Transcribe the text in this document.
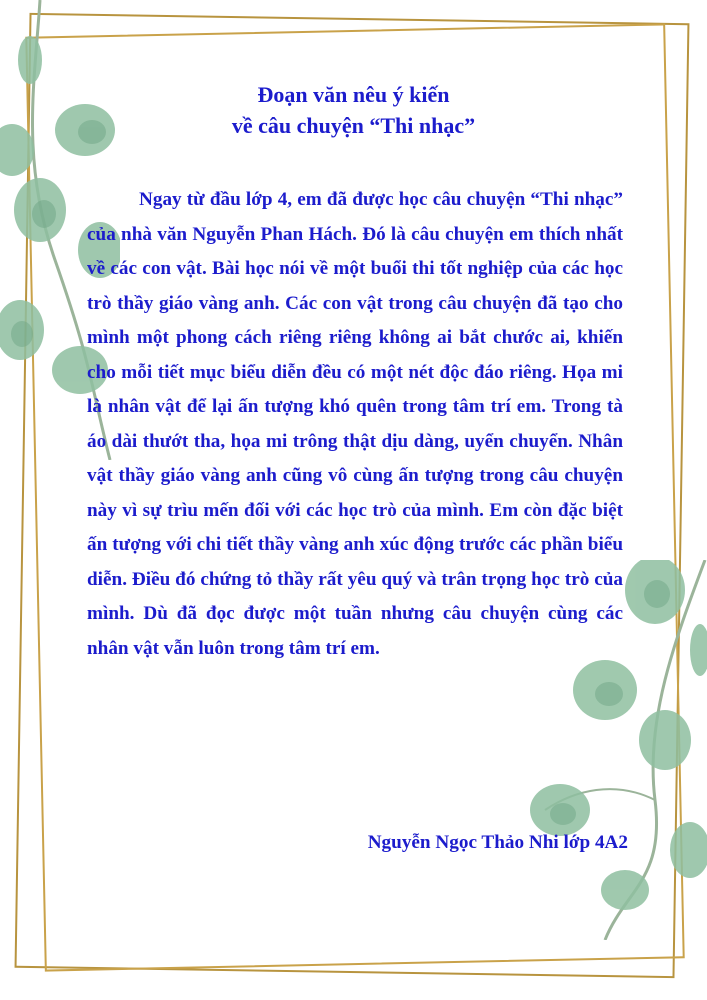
Đoạn văn nêu ý kiến
về câu chuyện “Thi nhạc”

Ngay từ đầu lớp 4, em đã được học câu chuyện “Thi nhạc” của nhà văn Nguyễn Phan Hách. Đó là câu chuyện em thích nhất về các con vật. Bài học nói về một buổi thi tốt nghiệp của các học trò thầy giáo vàng anh. Các con vật trong câu chuyện đã tạo cho mình một phong cách riêng riêng không ai bắt chước ai, khiến cho mỗi tiết mục biểu diễn đều có một nét độc đáo riêng. Họa mi là nhân vật để lại ấn tượng khó quên trong tâm trí em. Trong tà áo dài thướt tha, họa mi trông thật dịu dàng, uyển chuyển. Nhân vật thầy giáo vàng anh cũng vô cùng ấn tượng trong câu chuyện này vì sự trìu mến đối với các học trò của mình. Em còn đặc biệt ấn tượng với chi tiết thầy vàng anh xúc động trước các phần biểu diễn. Điều đó chứng tỏ thầy rất yêu quý và trân trọng học trò của mình. Dù đã đọc được một tuần nhưng câu chuyện cùng các nhân vật vẫn luôn trong tâm trí em.

Nguyễn Ngọc Thảo Nhi lớp 4A2
